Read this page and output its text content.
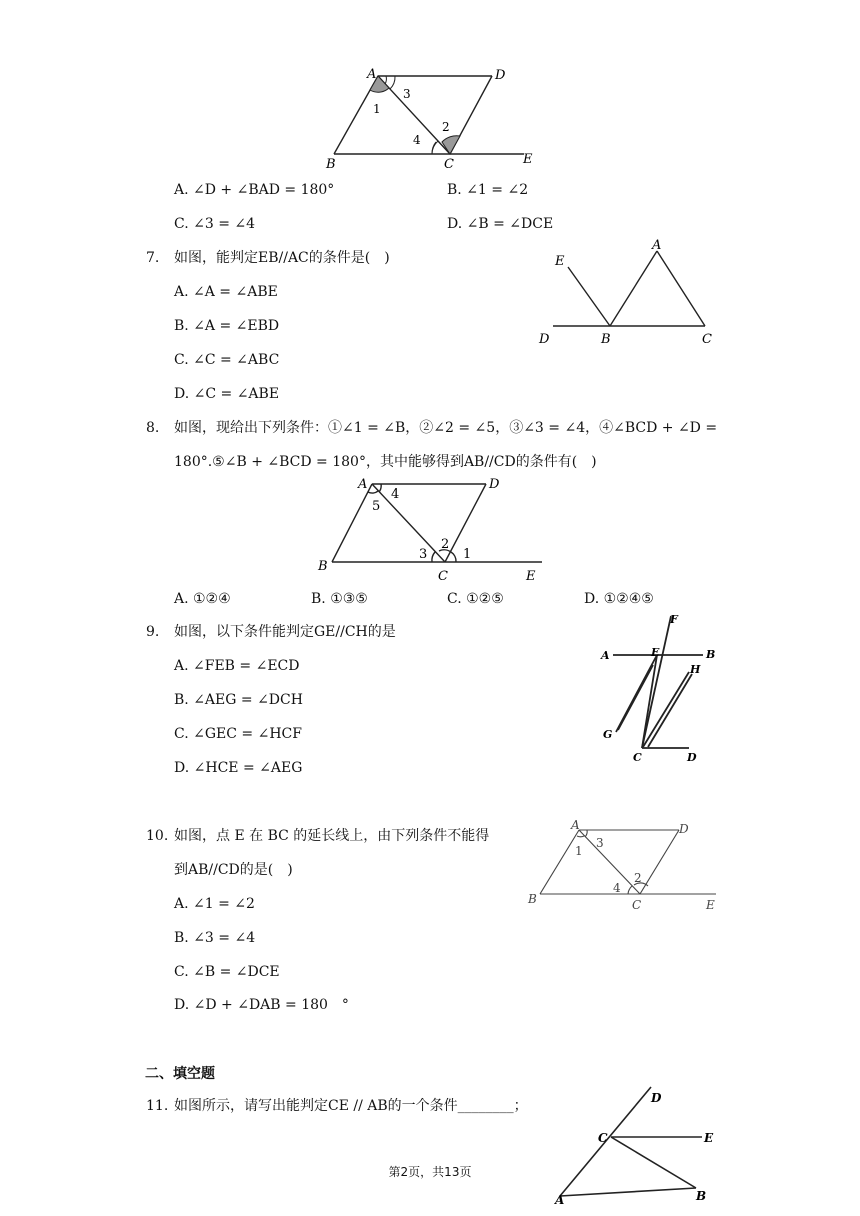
A
B	C
D
E
1
2
3
4
A. ∠D + ∠BAD = 180°	B. ∠1 = ∠2
C. ∠3 = ∠4	D. ∠B = ∠DCE
7. 如图，能判定EB//AC的条件是(　)
A. ∠A = ∠ABE
B. ∠A = ∠EBD
C. ∠C = ∠ABC
D. ∠C = ∠ABE
A
B	C
D
E
8. 如图，现给出下列条件：①∠1 = ∠B，②∠2 = ∠5，③∠3 = ∠4，④∠BCD + ∠D =
180°.⑤∠B + ∠BCD = 180°，其中能够得到AB//CD的条件有(　)
A
B
C
D
E
1
2
3
4
5
A. ①②④	B. ①③⑤	C. ①②⑤	D. ①②④⑤
9. 如图，以下条件能判定GE//CH的是
A. ∠FEB = ∠ECD
B. ∠AEG = ∠DCH
C. ∠GEC = ∠HCF
D. ∠HCE = ∠AEG
A	B
C	D
E
F
G
H
10. 如图，点 E 在 BC 的延长线上，由下列条件不能得
到AB//CD的是(　)
A. ∠1 = ∠2
B. ∠3 = ∠4
C. ∠B = ∠DCE
D. ∠D + ∠DAB = 180　°
A
B	C
D
E
1
2
3
4
二、填空题
11. 如图所示，请写出能判定CE // AB的一个条件________；
A	B
C
D
E
第2页，共13页
